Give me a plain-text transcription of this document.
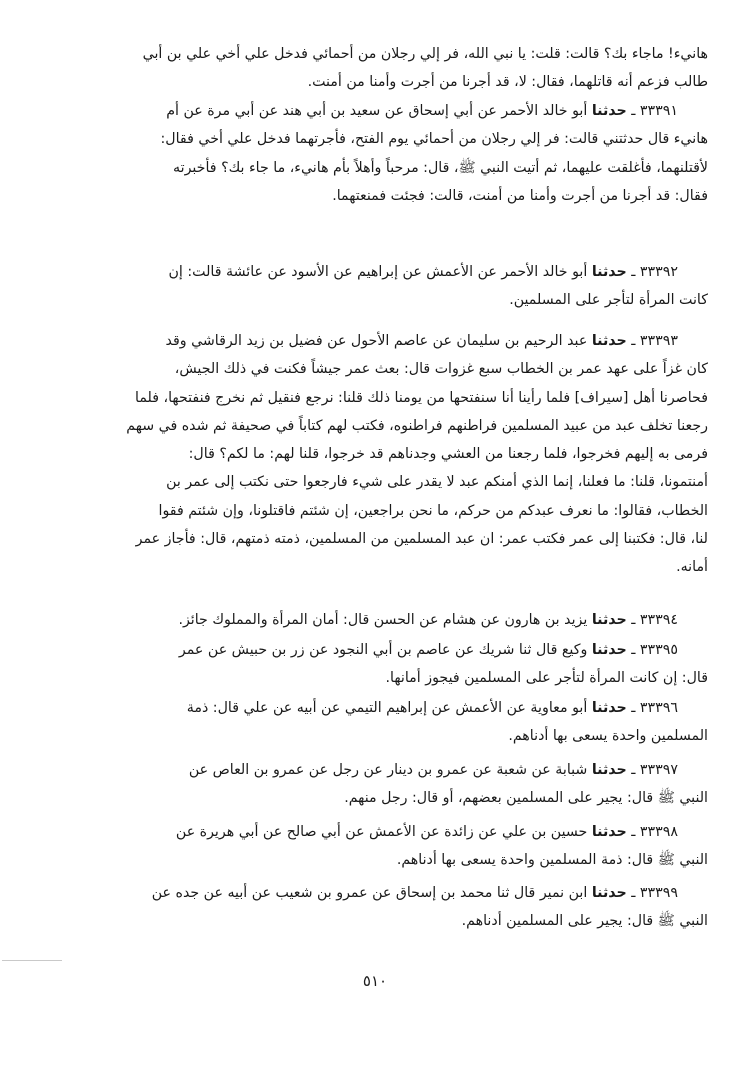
هانيء! ماجاء بك؟ قالت: قلت: يا نبي الله، فر إلي رجلان من أحمائي فدخل علي أخي علي بن أبي
طالب فزعم أنه قاتلهما، فقال: لا، قد أجرنا من أجرت وأمنا من أمنت.

٣٣٣٩١ ـ حدثنا أبو خالد الأحمر عن أبي إسحاق عن سعيد بن أبي هند عن أبي مرة عن أم
هانيء قال حدثتني قالت: فر إلي رجلان من أحمائي يوم الفتح، فأجرتهما فدخل علي أخي فقال:
لأقتلنهما، فأغلقت عليهما، ثم أتيت النبي ﷺ، قال: مرحباً وأهلاً بأم هانيء، ما جاء بك؟ فأخبرته
فقال: قد أجرنا من أجرت وأمنا من أمنت، قالت: فجئت فمنعتهما.

٣٣٣٩٢ ـ حدثنا أبو خالد الأحمر عن الأعمش عن إبراهيم عن الأسود عن عائشة قالت: إن
كانت المرأة لتأجر على المسلمين.

٣٣٣٩٣ ـ حدثنا عبد الرحيم بن سليمان عن عاصم الأحول عن فضيل بن زيد الرقاشي وقد
كان غزاً على عهد عمر بن الخطاب سبع غزوات قال: بعث عمر جيشاً فكنت في ذلك الجيش،
فحاصرنا أهل [سيراف] فلما رأينا أنا سنفتحها من يومنا ذلك قلنا: نرجع فنقيل ثم نخرج فنفتحها، فلما
رجعنا تخلف عبد من عبيد المسلمين فراطنهم فراطنوه، فكتب لهم كتاباً في صحيفة ثم شده في سهم
فرمى به إليهم فخرجوا، فلما رجعنا من العشي وجدناهم قد خرجوا، قلنا لهم: ما لكم؟ قال:
أمنتمونا، قلنا: ما فعلنا، إنما الذي أمنكم عبد لا يقدر على شيء فارجعوا حتى نكتب إلى عمر بن
الخطاب، فقالوا: ما نعرف عبدكم من حركم، ما نحن براجعين، إن شئتم فاقتلونا، وإن شئتم فقوا
لنا، قال: فكتبنا إلى عمر فكتب عمر: ان عبد المسلمين من المسلمين، ذمته ذمتهم، قال: فأجاز عمر
أمانه.

٣٣٣٩٤ ـ حدثنا يزيد بن هارون عن هشام عن الحسن قال: أمان المرأة والمملوك جائز.

٣٣٣٩٥ ـ حدثنا وكيع قال ثنا شريك عن عاصم بن أبي النجود عن زر بن حبيش عن عمر
قال: إن كانت المرأة لتأجر على المسلمين فيجوز أمانها.

٣٣٣٩٦ ـ حدثنا أبو معاوية عن الأعمش عن إبراهيم التيمي عن أبيه عن علي قال: ذمة
المسلمين واحدة يسعى بها أدناهم.

٣٣٣٩٧ ـ حدثنا شبابة عن شعبة عن عمرو بن دينار عن رجل عن عمرو بن العاص عن
النبي ﷺ قال: يجير على المسلمين بعضهم، أو قال: رجل منهم.

٣٣٣٩٨ ـ حدثنا حسين بن علي عن زائدة عن الأعمش عن أبي صالح عن أبي هريرة عن
النبي ﷺ قال: ذمة المسلمين واحدة يسعى بها أدناهم.

٣٣٣٩٩ ـ حدثنا ابن نمير قال ثنا محمد بن إسحاق عن عمرو بن شعيب عن أبيه عن جده عن
النبي ﷺ قال: يجير على المسلمين أدناهم.

٥١٠
